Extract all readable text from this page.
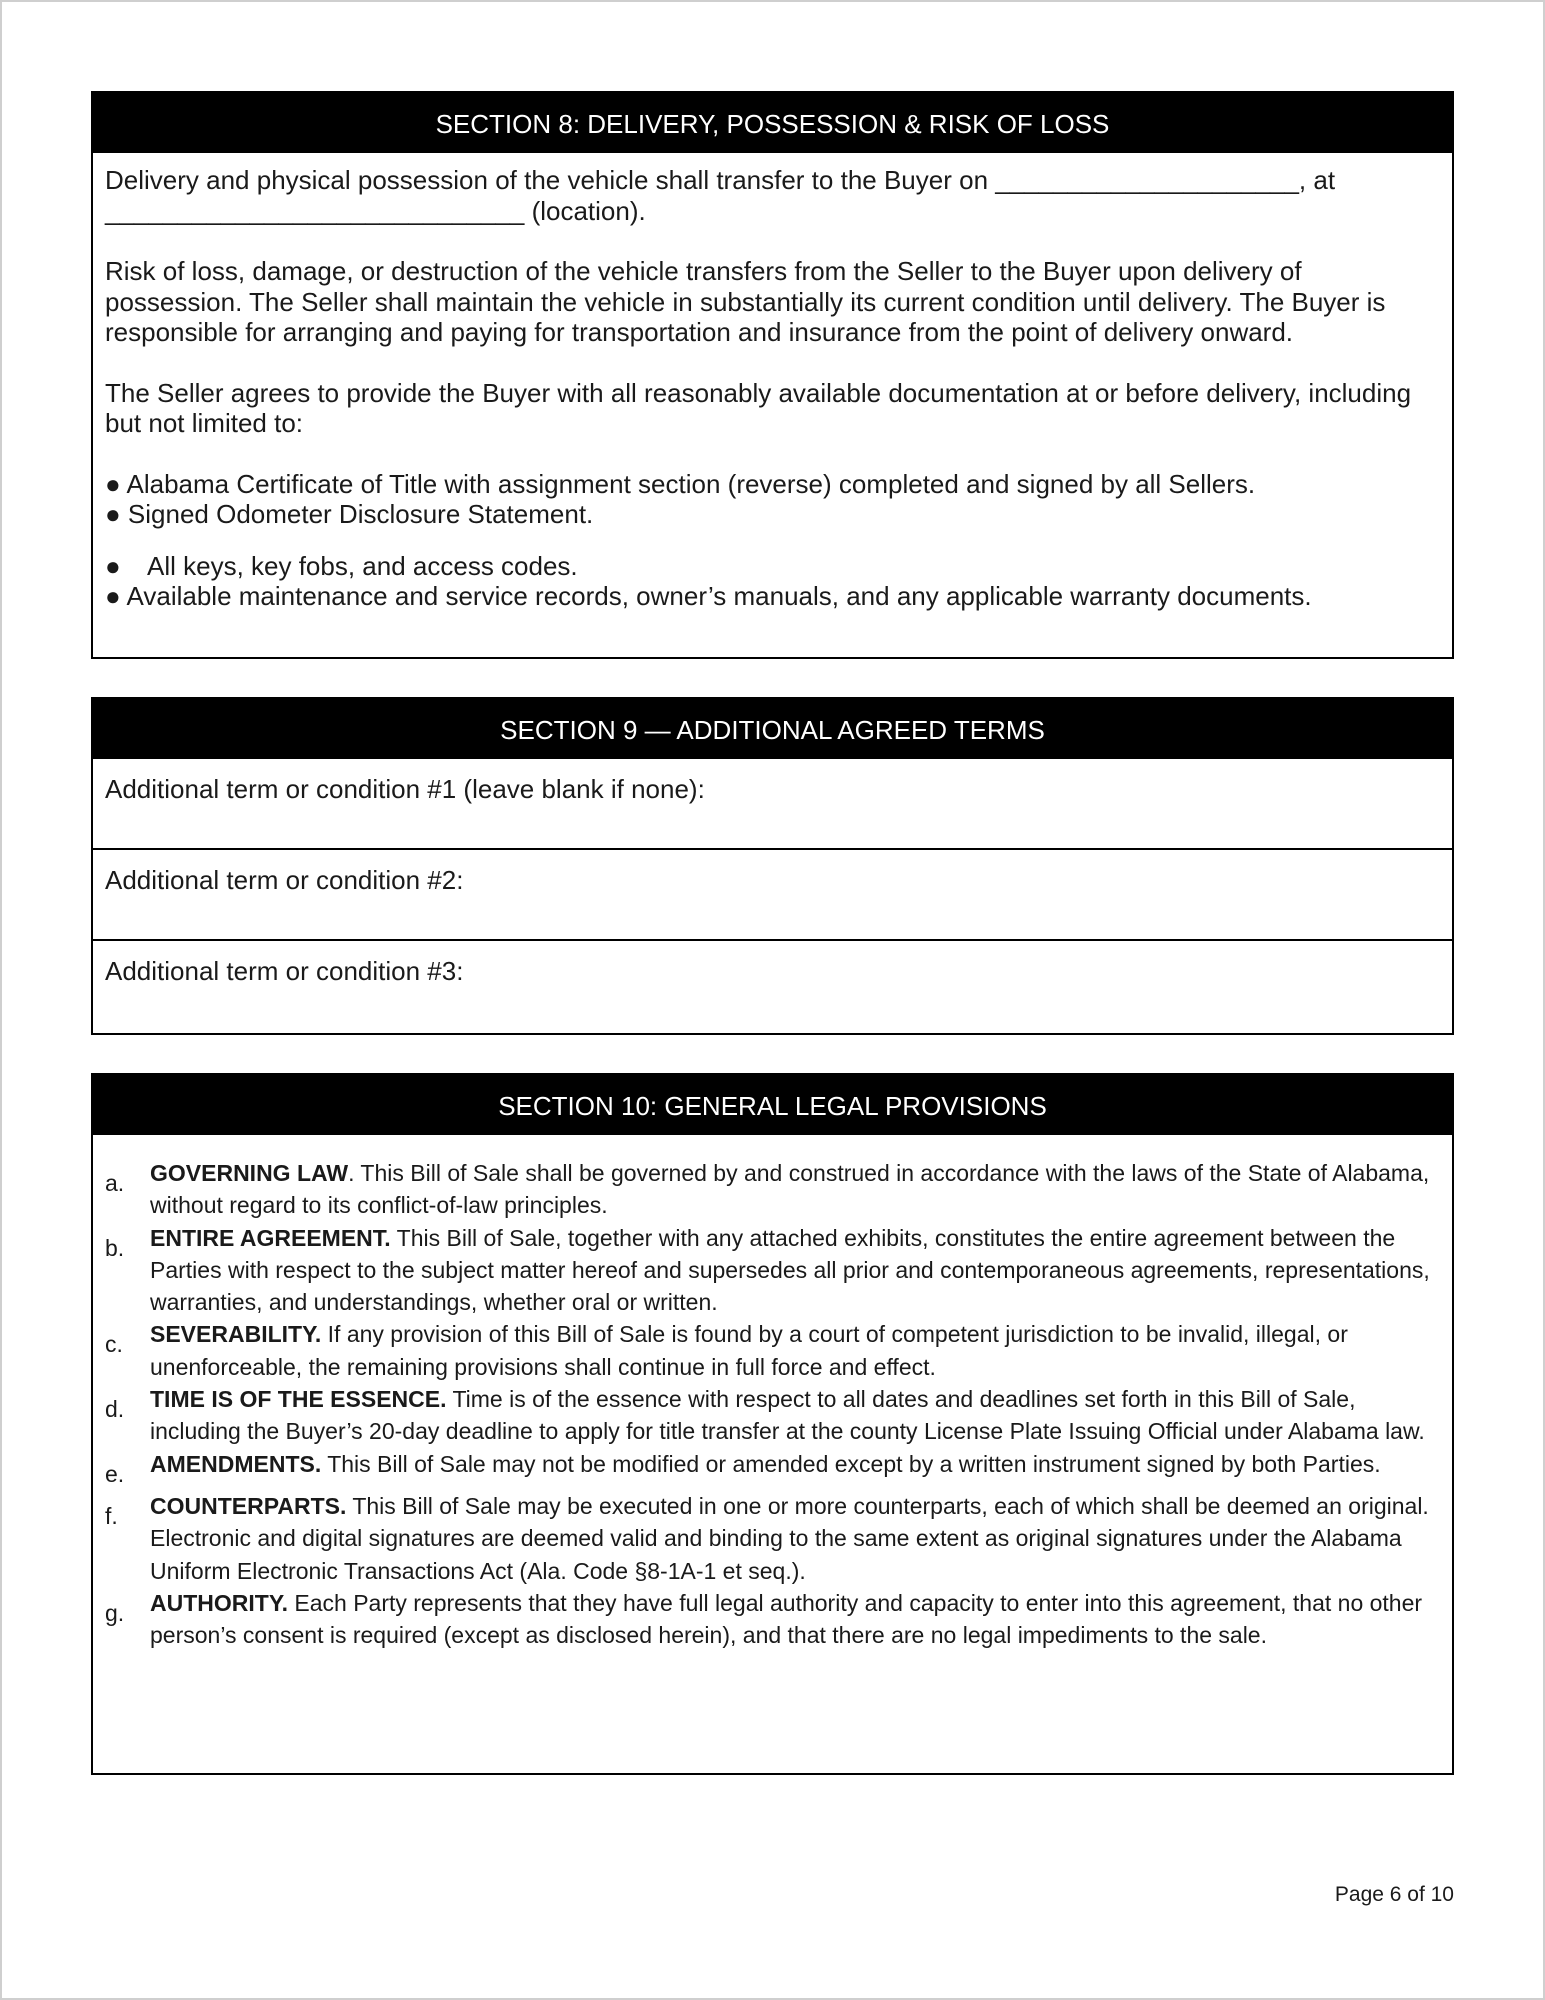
SECTION 8: DELIVERY, POSSESSION & RISK OF LOSS

Delivery and physical possession of the vehicle shall transfer to the Buyer on _____________________, at _____________________________ (location).

Risk of loss, damage, or destruction of the vehicle transfers from the Seller to the Buyer upon delivery of possession. The Seller shall maintain the vehicle in substantially its current condition until delivery. The Buyer is responsible for arranging and paying for transportation and insurance from the point of delivery onward.

The Seller agrees to provide the Buyer with all reasonably available documentation at or before delivery, including but not limited to:

● Alabama Certificate of Title with assignment section (reverse) completed and signed by all Sellers.
● Signed Odometer Disclosure Statement.
● All keys, key fobs, and access codes.
● Available maintenance and service records, owner’s manuals, and any applicable warranty documents.
SECTION 9 — ADDITIONAL AGREED TERMS
Additional term or condition #1 (leave blank if none):
Additional term or condition #2:
Additional term or condition #3:
SECTION 10: GENERAL LEGAL PROVISIONS
a.	GOVERNING LAW. This Bill of Sale shall be governed by and construed in accordance with the laws of the State of Alabama, without regard to its conflict-of-law principles.
b.	ENTIRE AGREEMENT. This Bill of Sale, together with any attached exhibits, constitutes the entire agreement between the Parties with respect to the subject matter hereof and supersedes all prior and contemporaneous agreements, representations, warranties, and understandings, whether oral or written.
c.	SEVERABILITY. If any provision of this Bill of Sale is found by a court of competent jurisdiction to be invalid, illegal, or unenforceable, the remaining provisions shall continue in full force and effect.
d.	TIME IS OF THE ESSENCE. Time is of the essence with respect to all dates and deadlines set forth in this Bill of Sale, including the Buyer’s 20-day deadline to apply for title transfer at the county License Plate Issuing Official under Alabama law.
e.	AMENDMENTS. This Bill of Sale may not be modified or amended except by a written instrument signed by both Parties.
f.	COUNTERPARTS. This Bill of Sale may be executed in one or more counterparts, each of which shall be deemed an original. Electronic and digital signatures are deemed valid and binding to the same extent as original signatures under the Alabama Uniform Electronic Transactions Act (Ala. Code §8-1A-1 et seq.).
g.	AUTHORITY. Each Party represents that they have full legal authority and capacity to enter into this agreement, that no other person’s consent is required (except as disclosed herein), and that there are no legal impediments to the sale.
Page 6 of 10
